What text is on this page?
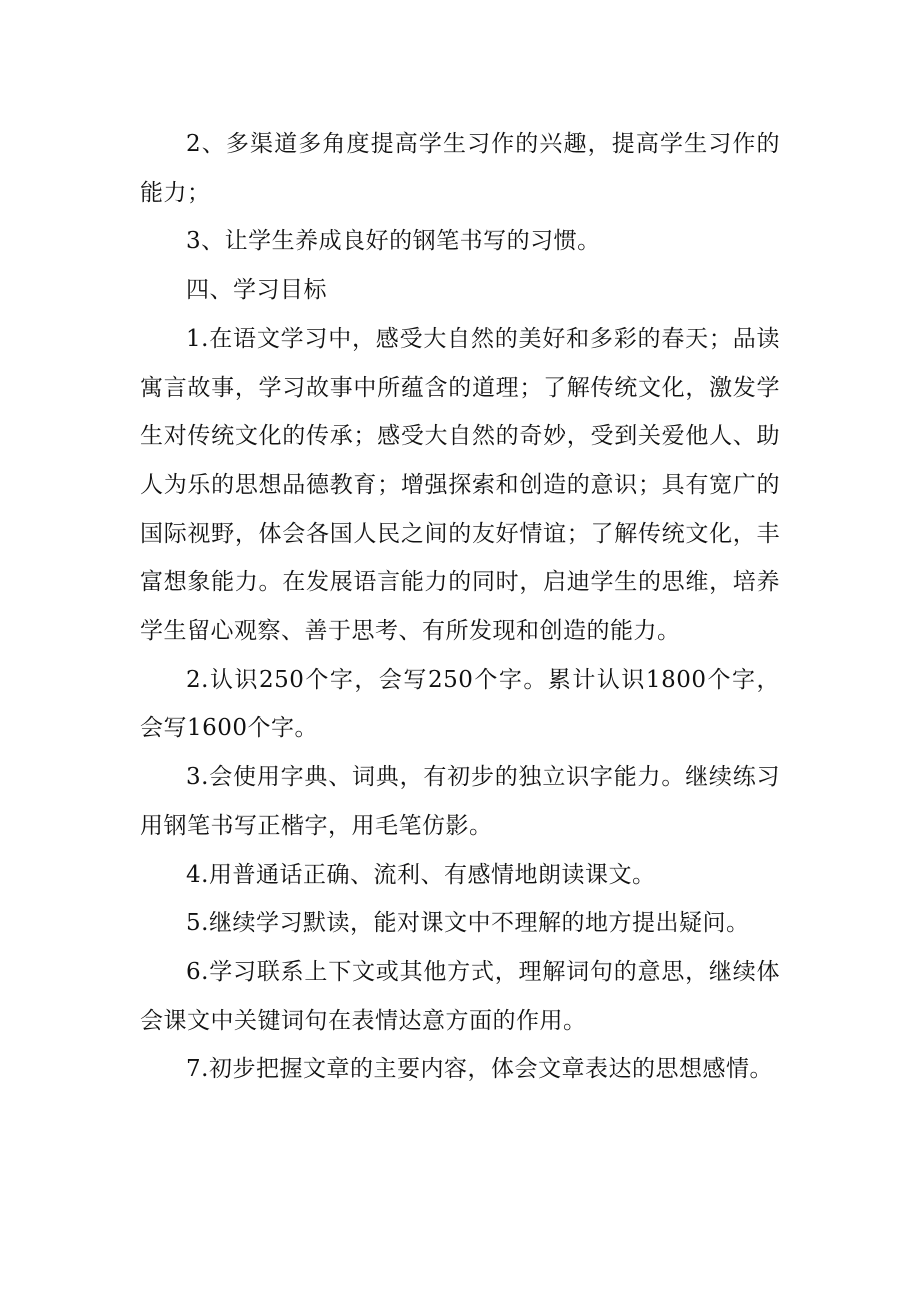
2、多渠道多角度提高学生习作的兴趣，提高学生习作的能力；

3、让学生养成良好的钢笔书写的习惯。

四、学习目标

1.在语文学习中，感受大自然的美好和多彩的春天；品读寓言故事，学习故事中所蕴含的道理；了解传统文化，激发学生对传统文化的传承；感受大自然的奇妙，受到关爱他人、助人为乐的思想品德教育；增强探索和创造的意识；具有宽广的国际视野，体会各国人民之间的友好情谊；了解传统文化，丰富想象能力。在发展语言能力的同时，启迪学生的思维，培养学生留心观察、善于思考、有所发现和创造的能力。

2.认识250个字，会写250个字。累计认识1800个字，会写1600个字。

3.会使用字典、词典，有初步的独立识字能力。继续练习用钢笔书写正楷字，用毛笔仿影。

4.用普通话正确、流利、有感情地朗读课文。

5.继续学习默读，能对课文中不理解的地方提出疑问。

6.学习联系上下文或其他方式，理解词句的意思，继续体会课文中关键词句在表情达意方面的作用。

7.初步把握文章的主要内容，体会文章表达的思想感情。
